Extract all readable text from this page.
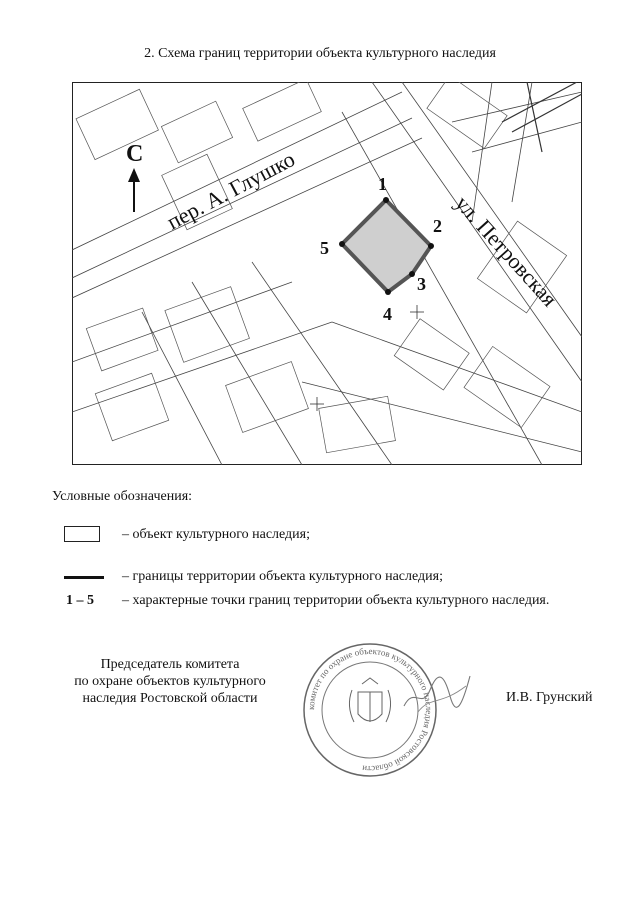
2. Схема границ территории объекта культурного наследия
1
2
3
4
5
С пер. А. Глушко
ул. Петровская
Условные обозначения:
– объект культурного наследия;
– границы территории объекта культурного наследия;
1 – 5 – характерные точки границ территории объекта культурного наследия.
Председатель комитета
по охране объектов культурного
наследия Ростовской области
комитет по охране объектов культурного наследия Ростовской области
И.В. Грунский
